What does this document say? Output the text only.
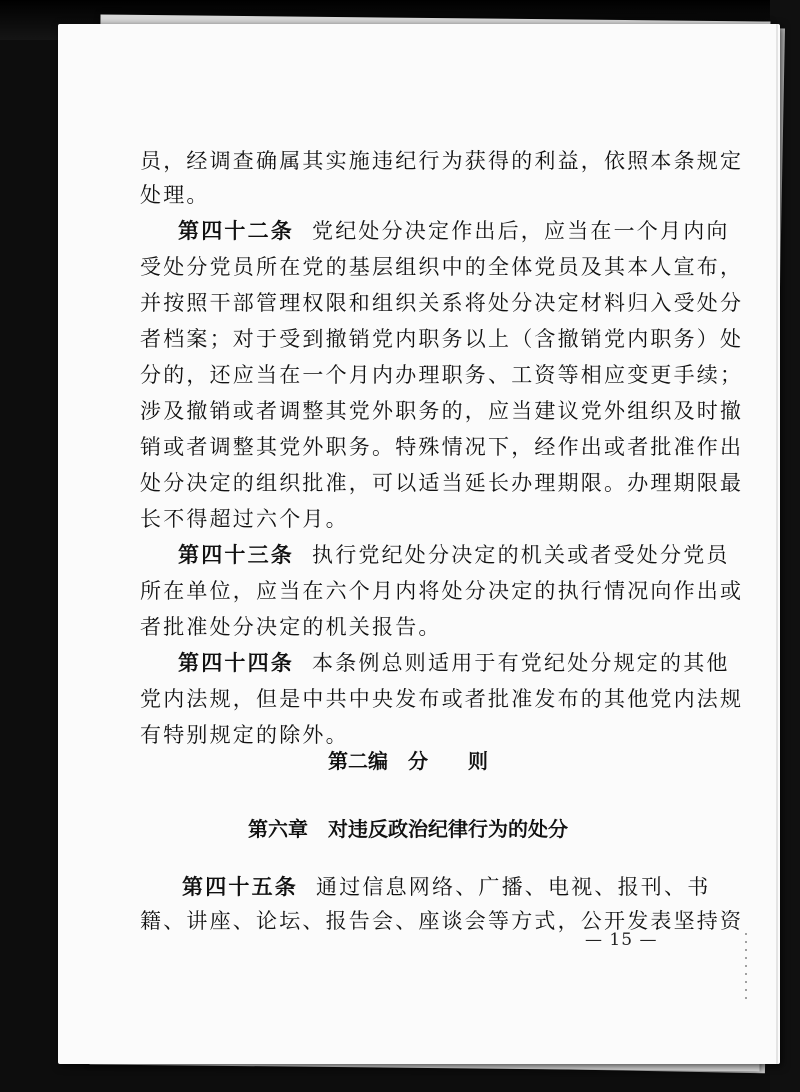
员，经调查确属其实施违纪行为获得的利益，依照本条规定
处理。
第四十二条 党纪处分决定作出后，应当在一个月内向
受处分党员所在党的基层组织中的全体党员及其本人宣布，
并按照干部管理权限和组织关系将处分决定材料归入受处分
者档案；对于受到撤销党内职务以上（含撤销党内职务）处
分的，还应当在一个月内办理职务、工资等相应变更手续；
涉及撤销或者调整其党外职务的，应当建议党外组织及时撤
销或者调整其党外职务。特殊情况下，经作出或者批准作出
处分决定的组织批准，可以适当延长办理期限。办理期限最
长不得超过六个月。
第四十三条 执行党纪处分决定的机关或者受处分党员
所在单位，应当在六个月内将处分决定的执行情况向作出或
者批准处分决定的机关报告。
第四十四条 本条例总则适用于有党纪处分规定的其他
党内法规，但是中共中央发布或者批准发布的其他党内法规
有特别规定的除外。
第二编　分　　则
第六章　对违反政治纪律行为的处分
第四十五条 通过信息网络、广播、电视、报刊、书
籍、讲座、论坛、报告会、座谈会等方式，公开发表坚持资
— 15 —
